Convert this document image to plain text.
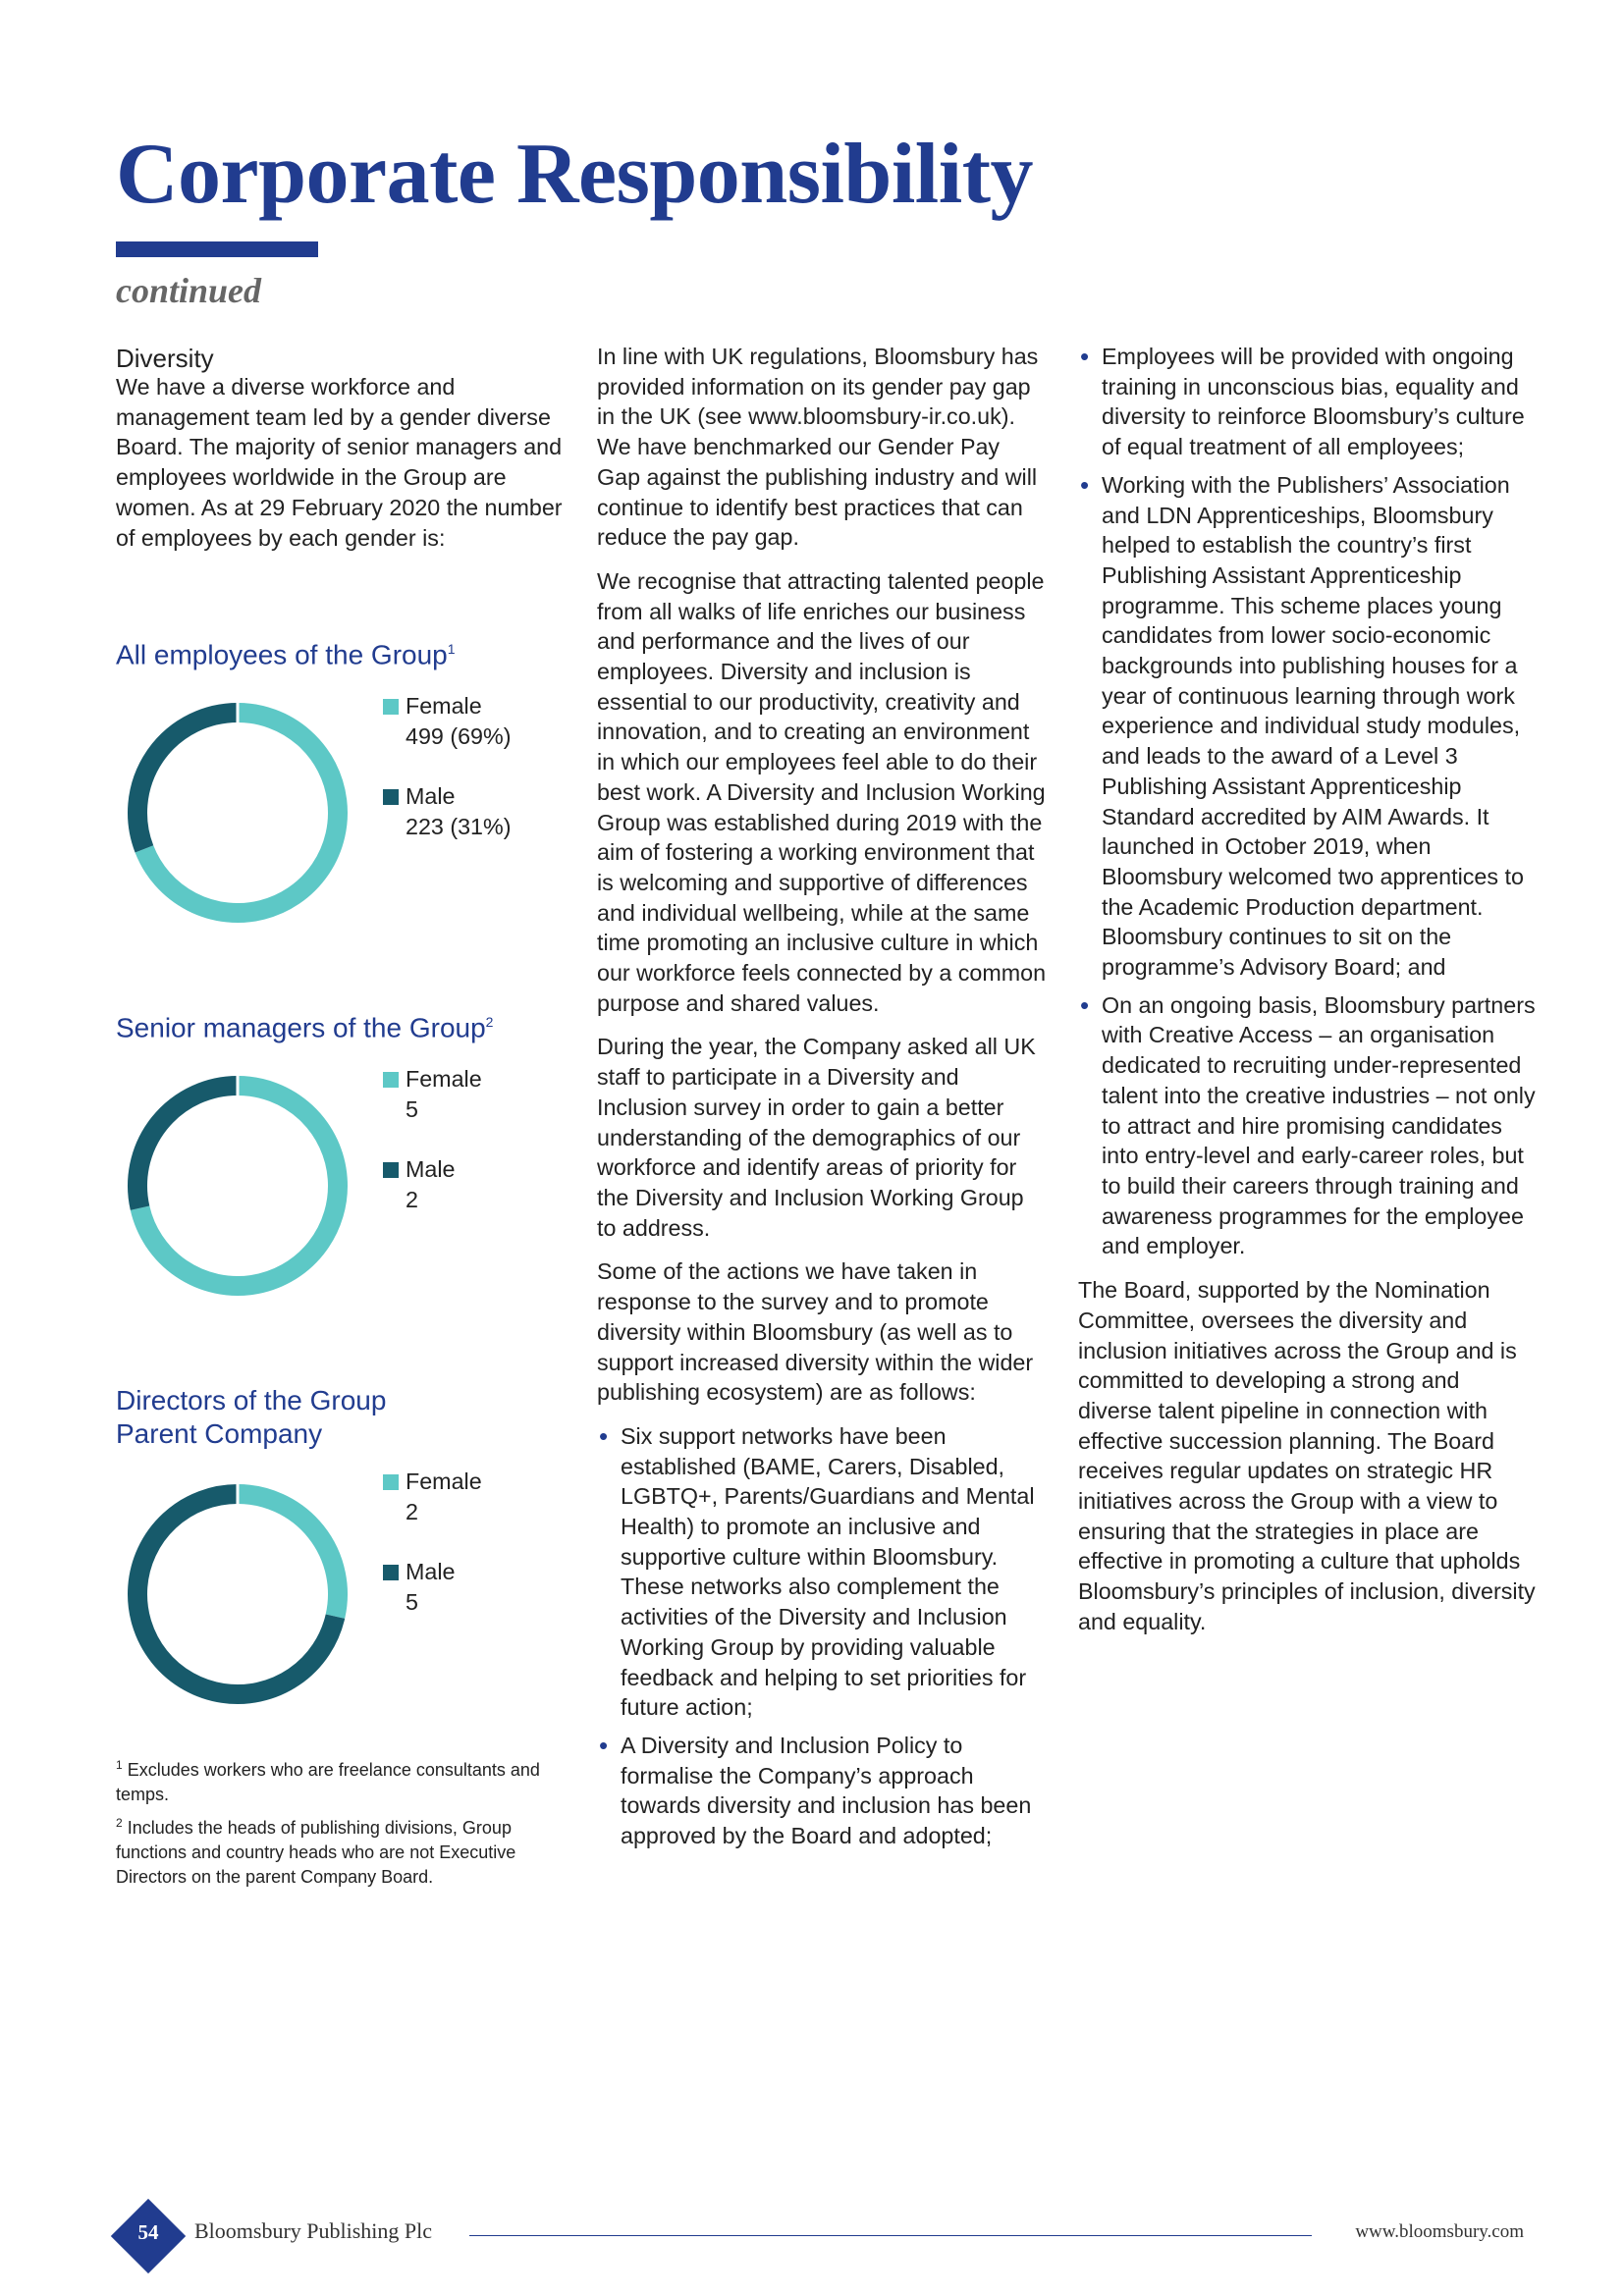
Corporate Responsibility
continued
Diversity

We have a diverse workforce and management team led by a gender diverse Board. The majority of senior managers and employees worldwide in the Group are women. As at 29 February 2020 the number of employees by each gender is:

All employees of the Group$^1$
Female
499 (69%)
Male
223 (31%)
Senior managers of the Group$^2$
Female
5
Male
2
Directors of the Group
Parent Company
Female
2
Male
5

$^1$ Excludes workers who are freelance consultants and temps.

$^2$ Includes the heads of publishing divisions, Group functions and country heads who are not Executive Directors on the parent Company Board.

In line with UK regulations, Bloomsbury has provided information on its gender pay gap in the UK (see www.bloomsbury-ir.co.uk). We have benchmarked our Gender Pay Gap against the publishing industry and will continue to identify best practices that can reduce the pay gap.

We recognise that attracting talented people from all walks of life enriches our business and performance and the lives of our employees. Diversity and inclusion is essential to our productivity, creativity and innovation, and to creating an environment in which our employees feel able to do their best work. A Diversity and Inclusion Working Group was established during 2019 with the aim of fostering a working environment that is welcoming and supportive of differences and individual wellbeing, while at the same time promoting an inclusive culture in which our workforce feels connected by a common purpose and shared values.

During the year, the Company asked all UK staff to participate in a Diversity and Inclusion survey in order to gain a better understanding of the demographics of our workforce and identify areas of priority for the Diversity and Inclusion Working Group to address.

Some of the actions we have taken in response to the survey and to promote diversity within Bloomsbury (as well as to support increased diversity within the wider publishing ecosystem) are as follows:

• Six support networks have been established (BAME, Carers, Disabled, LGBTQ+, Parents/Guardians and Mental Health) to promote an inclusive and supportive culture within Bloomsbury. These networks also complement the activities of the Diversity and Inclusion Working Group by providing valuable feedback and helping to set priorities for future action;
• A Diversity and Inclusion Policy to formalise the Company’s approach towards diversity and inclusion has been approved by the Board and adopted;
• Employees will be provided with ongoing training in unconscious bias, equality and diversity to reinforce Bloomsbury’s culture of equal treatment of all employees;
• Working with the Publishers’ Association and LDN Apprenticeships, Bloomsbury helped to establish the country’s first Publishing Assistant Apprenticeship programme. This scheme places young candidates from lower socio-economic backgrounds into publishing houses for a year of continuous learning through work experience and individual study modules, and leads to the award of a Level 3 Publishing Assistant Apprenticeship Standard accredited by AIM Awards. It launched in October 2019, when Bloomsbury welcomed two apprentices to the Academic Production department. Bloomsbury continues to sit on the programme’s Advisory Board; and
• On an ongoing basis, Bloomsbury partners with Creative Access – an organisation dedicated to recruiting under-represented talent into the creative industries – not only to attract and hire promising candidates into entry-level and early-career roles, but to build their careers through training and awareness programmes for the employee and employer.

The Board, supported by the Nomination Committee, oversees the diversity and inclusion initiatives across the Group and is committed to developing a strong and diverse talent pipeline in connection with effective succession planning. The Board receives regular updates on strategic HR initiatives across the Group with a view to ensuring that the strategies in place are effective in promoting a culture that upholds Bloomsbury’s principles of inclusion, diversity and equality.

54	Bloomsbury Publishing Plc	www.bloomsbury.com
